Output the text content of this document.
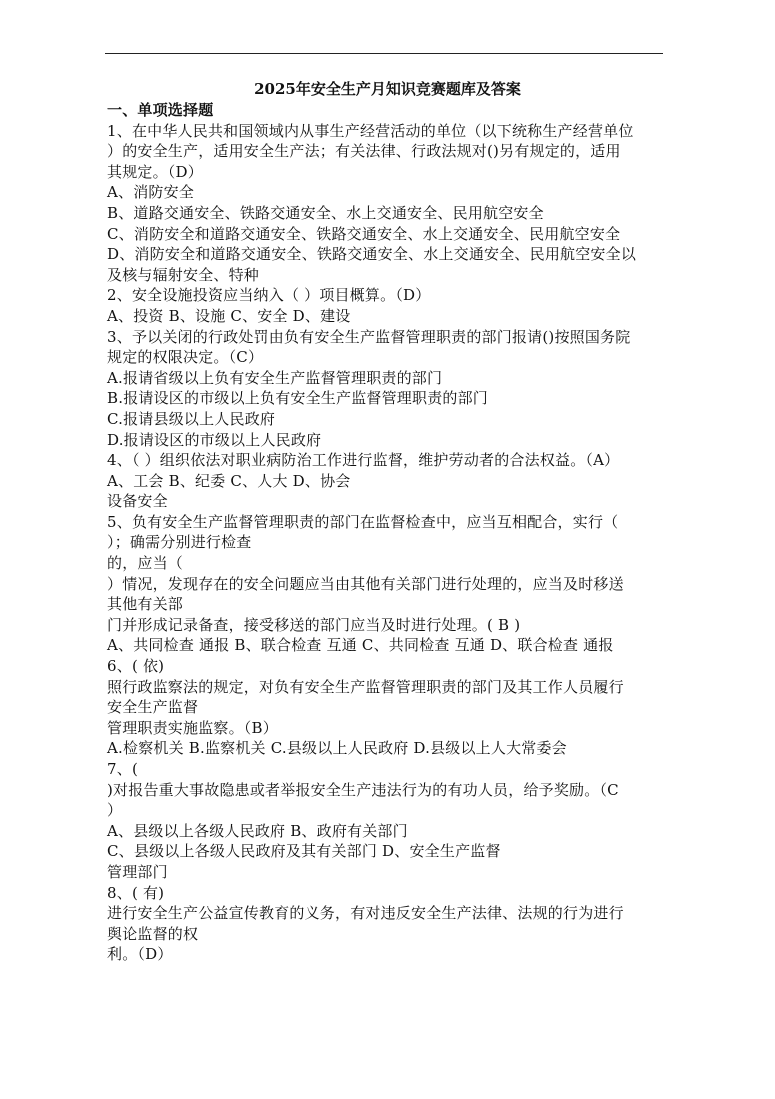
2025年安全生产月知识竞赛题库及答案
一、单项选择题
1、在中华人民共和国领域内从事生产经营活动的单位（以下统称生产经营单位
）的安全生产，适用安全生产法；有关法律、行政法规对()另有规定的，适用
其规定。（D）
A、消防安全
B、道路交通安全、铁路交通安全、水上交通安全、民用航空安全
C、消防安全和道路交通安全、铁路交通安全、水上交通安全、民用航空安全
D、消防安全和道路交通安全、铁路交通安全、水上交通安全、民用航空安全以
及核与辐射安全、特种
2、安全设施投资应当纳入（ ）项目概算。（D）
A、投资 B、设施 C、安全 D、建设
3、予以关闭的行政处罚由负有安全生产监督管理职责的部门报请()按照国务院
规定的权限决定。（C）
A.报请省级以上负有安全生产监督管理职责的部门
B.报请设区的市级以上负有安全生产监督管理职责的部门
C.报请县级以上人民政府
D.报请设区的市级以上人民政府
4、（ ）组织依法对职业病防治工作进行监督，维护劳动者的合法权益。（A）
A、工会 B、纪委 C、人大 D、协会
设备安全
5、负有安全生产监督管理职责的部门在监督检查中，应当互相配合，实行（
）；确需分别进行检查
的，应当（
）情况，发现存在的安全问题应当由其他有关部门进行处理的，应当及时移送
其他有关部
门并形成记录备查，接受移送的部门应当及时进行处理。( B )
A、共同检查 通报 B、联合检查 互通 C、共同检查 互通 D、联合检查 通报
6、( 依)
照行政监察法的规定，对负有安全生产监督管理职责的部门及其工作人员履行
安全生产监督
管理职责实施监察。（B）
A.检察机关 B.监察机关 C.县级以上人民政府 D.县级以上人大常委会
7、(
)对报告重大事故隐患或者举报安全生产违法行为的有功人员，给予奖励。（C
）
A、县级以上各级人民政府 B、政府有关部门
C、县级以上各级人民政府及其有关部门 D、安全生产监督
管理部门
8、( 有)
进行安全生产公益宣传教育的义务，有对违反安全生产法律、法规的行为进行
舆论监督的权
利。（D）
